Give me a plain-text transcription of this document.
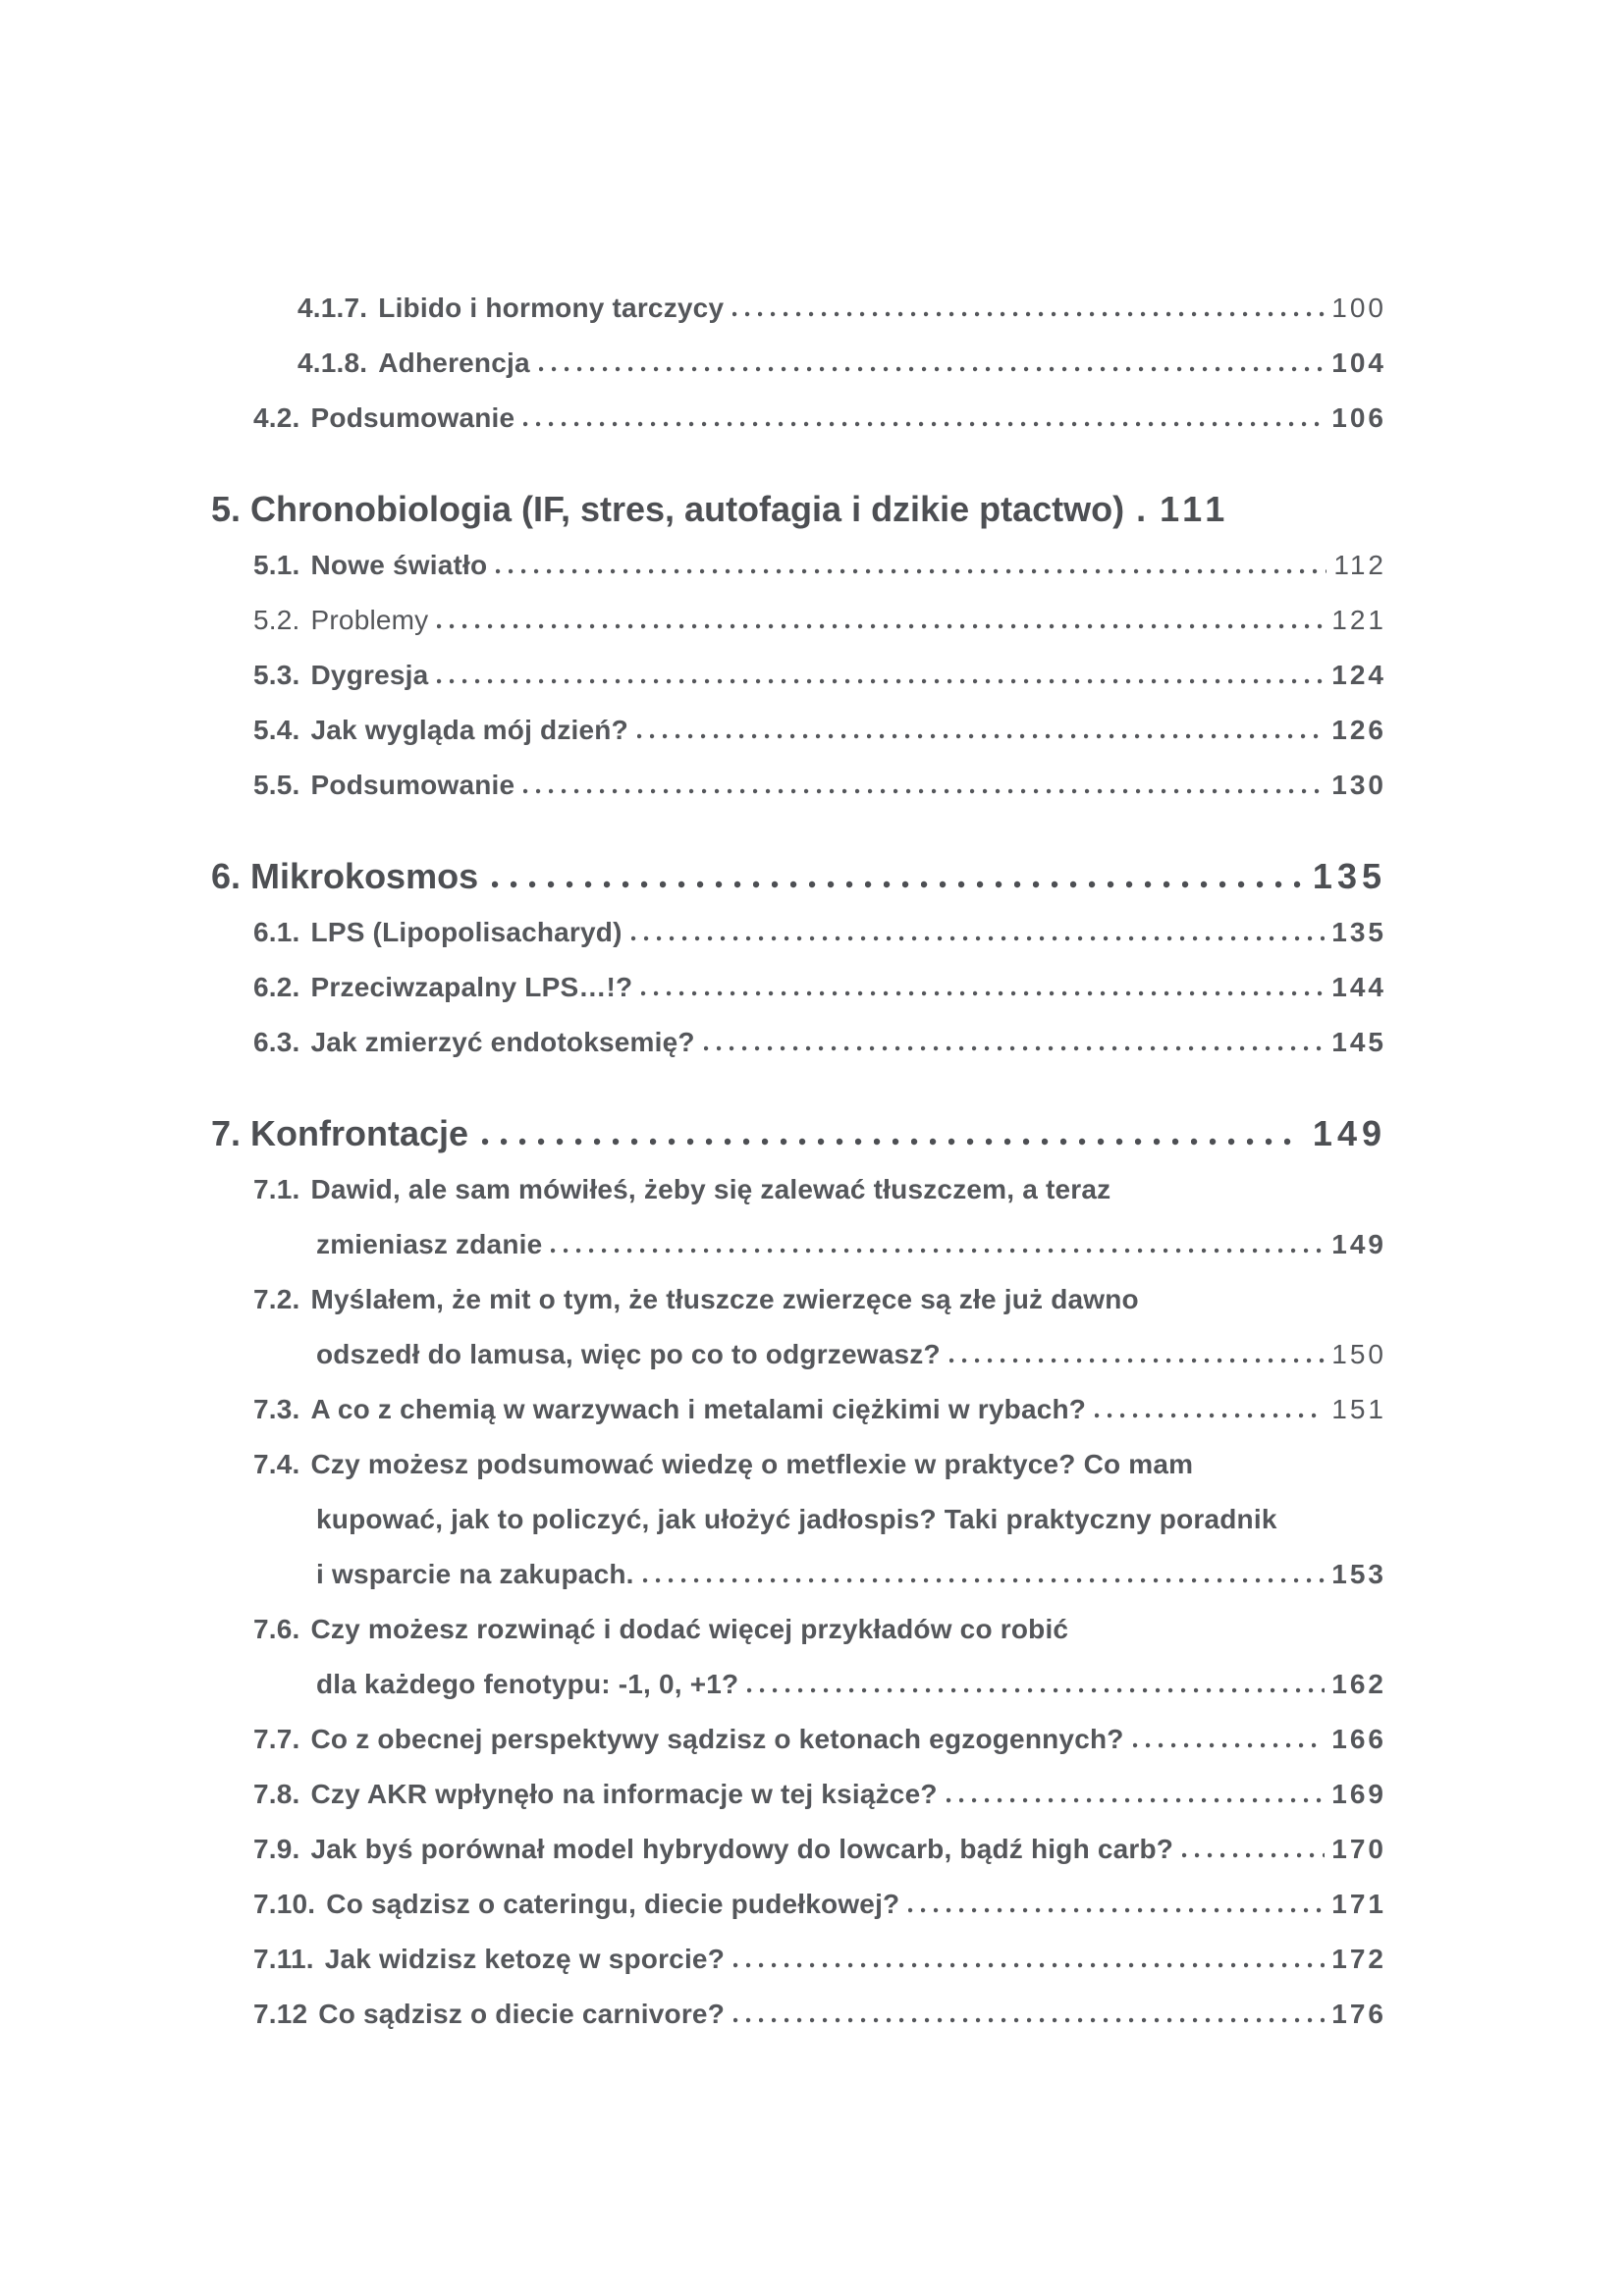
4.1.7. Libido i hormony tarczycy	100
4.1.8. Adherencja	104
4.2. Podsumowanie	106
5. Chronobiologia (IF, stres, autofagia i dzikie ptactwo) . 111
5.1. Nowe światło	112
5.2. Problemy	121
5.3. Dygresja	124
5.4. Jak wygląda mój dzień?	126
5.5. Podsumowanie	130
6. Mikrokosmos	135
6.1. LPS (Lipopolisacharyd)	135
6.2. Przeciwzapalny LPS…!?	144
6.3. Jak zmierzyć endotoksemię?	145
7. Konfrontacje	149
7.1. Dawid, ale sam mówiłeś, żeby się zalewać tłuszczem, a teraz
zmieniasz zdanie	149
7.2. Myślałem, że mit o tym, że tłuszcze zwierzęce są złe już dawno
odszedł do lamusa, więc po co to odgrzewasz?	150
7.3. A co z chemią w warzywach i metalami ciężkimi w rybach?	151
7.4. Czy możesz podsumować wiedzę o metflexie w praktyce? Co mam
kupować, jak to policzyć, jak ułożyć jadłospis? Taki praktyczny poradnik
i wsparcie na zakupach.	153
7.6. Czy możesz rozwinąć i dodać więcej przykładów co robić
dla każdego fenotypu: -1, 0, +1?	162
7.7. Co z obecnej perspektywy sądzisz o ketonach egzogennych?	166
7.8. Czy AKR wpłynęło na informacje w tej książce?	169
7.9. Jak byś porównał model hybrydowy do lowcarb, bądź high carb?	170
7.10. Co sądzisz o cateringu, diecie pudełkowej?	171
7.11. Jak widzisz ketozę w sporcie?	172
7.12 Co sądzisz o diecie carnivore?	176
